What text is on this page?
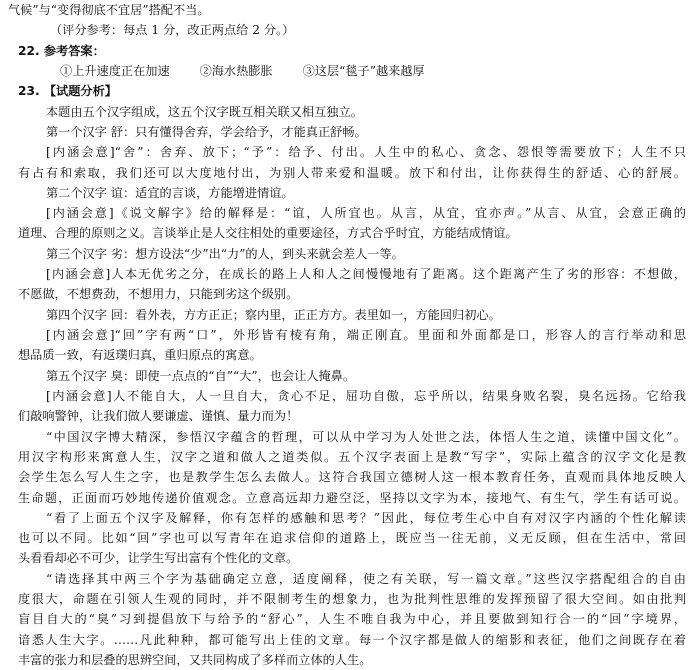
气候”与“变得彻底不宜居”搭配不当。
（评分参考：每点 1 分，改正两点给 2 分。）
22. 参考答案：
①上升速度正在加速 ②海水热膨胀 ③这层“毯子”越来越厚
23. 【试题分析】
本题由五个汉字组成，这五个汉字既互相关联又相互独立。
第一个汉字 舒：只有懂得舍弃，学会给予，才能真正舒畅。
[内涵会意]“舍”：舍弃、放下；“予”：给予、付出。人生中的私心、贪念、怨恨等需要放下；人生不只
有占有和索取，我们还可以大度地付出，为别人带来爱和温暖。放下和付出，让你获得生的舒适、心的舒展。
第二个汉字 谊：适宜的言谈，方能增进情谊。
[内涵会意]《说文解字》给的解释是：“谊，人所宜也。从言，从宜，宜亦声。”从言、从宜，会意正确的
道理、合理的原则之义。言谈举止是人交往相处的重要途径，方式合乎时宜，方能结成情谊。
第三个汉字 劣：想方设法“少”出“力”的人，到头来就会差人一等。
[内涵会意]人本无优劣之分，在成长的路上人和人之间慢慢地有了距离。这个距离产生了劣的形容：不想做，
不愿做，不想费劲，不想用力，只能到劣这个级别。
第四个汉字 回：看外表，方方正正；察内里，正正方方。表里如一，方能回归初心。
[内涵会意]“回”字有两“口”，外形皆有棱有角，端正刚直。里面和外面都是口，形容人的言行举动和思
想品质一致，有返璞归真，重归原点的寓意。
第五个汉字 臭：即使一点点的“自”“大”，也会让人掩鼻。
[内涵会意]人不能自大，人一旦自大，贪心不足，屈功自傲，忘乎所以，结果身败名裂，臭名远扬。它给我
们敲响警钟，让我们做人要谦虚、谨慎、量力而为！
“中国汉字博大精深，参悟汉字蕴含的哲理，可以从中学习为人处世之法，体悟人生之道，读懂中国文化”。
用汉字构形来寓意人生，汉字之道和做人之道类似。五个汉字表面上是教“写字”，实际上蕴含的汉字文化是教
会学生怎么写人生之字，也是教学生怎么去做人。这符合我国立德树人这一根本教育任务，直观而具体地反映人
生命题，正面而巧妙地传递价值观念。立意高远却力避空泛，坚持以文字为本，接地气、有生气，学生有话可说。
“看了上面五个汉字及解释，你有怎样的感触和思考？”因此，每位考生心中自有对汉字内涵的个性化解读
也可以不同。比如“回”字也可以写青年在追求信仰的道路上，既应当一往无前，义无反顾，但在生活中，常回
头看看却必不可少，让学生写出富有个性化的文章。
“请选择其中两三个字为基础确定立意，适度阐释，使之有关联，写一篇文章。”这些汉字搭配组合的自由
度很大，命题在引领人生观的同时，并不限制考生的想象力，也为批判性思维的发挥预留了很大空间。如由批判
盲目自大的“臭”习到提倡放下与给予的“舒心”，人生不唯自我为中心，并且要做到知行合一的“回”字境界，
谙悉人生大字。……凡此种种，都可能写出上佳的文章。每一个汉字都是做人的缩影和表征，他们之间既存在着
丰富的张力和层叠的思辨空间，又共同构成了多样而立体的人生。
